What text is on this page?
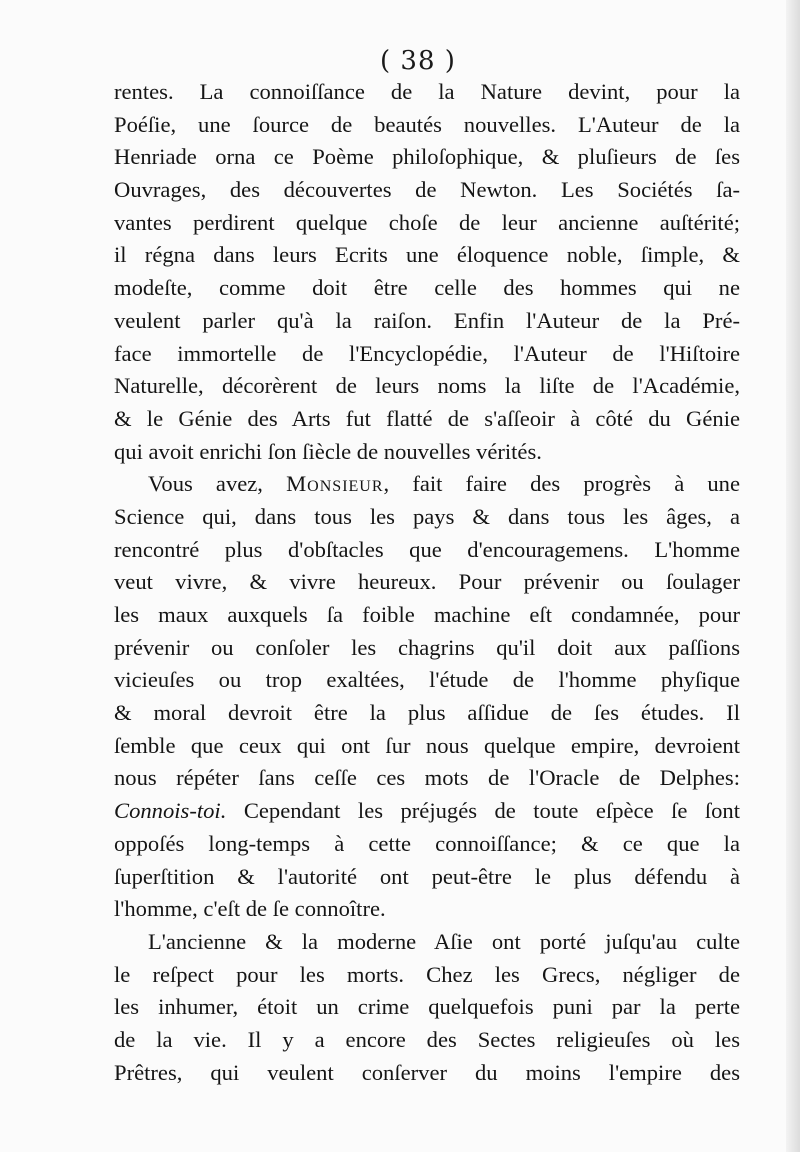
( 38 )
rentes. La connoiſſance de la Nature devint, pour la
Poéſie, une ſource de beautés nouvelles. L'Auteur de la
Henriade orna ce Poème philoſophique, & pluſieurs de ſes
Ouvrages, des découvertes de Newton. Les Sociétés ſa-
vantes perdirent quelque choſe de leur ancienne auſtérité;
il régna dans leurs Ecrits une éloquence noble, ſimple, &
modeſte, comme doit être celle des hommes qui ne
veulent parler qu'à la raiſon. Enfin l'Auteur de la Pré-
face immortelle de l'Encyclopédie, l'Auteur de l'Hiſtoire
Naturelle, décorèrent de leurs noms la liſte de l'Académie,
& le Génie des Arts fut flatté de s'aſſeoir à côté du Génie
qui avoit enrichi ſon ſiècle de nouvelles vérités.
Vous avez, Monsieur, fait faire des progrès à une
Science qui, dans tous les pays & dans tous les âges, a
rencontré plus d'obſtacles que d'encouragemens. L'homme
veut vivre, & vivre heureux. Pour prévenir ou ſoulager
les maux auxquels ſa foible machine eſt condamnée, pour
prévenir ou conſoler les chagrins qu'il doit aux paſſions
vicieuſes ou trop exaltées, l'étude de l'homme phyſique
& moral devroit être la plus aſſidue de ſes études. Il
ſemble que ceux qui ont ſur nous quelque empire, devroient
nous répéter ſans ceſſe ces mots de l'Oracle de Delphes:
Connois-toi. Cependant les préjugés de toute eſpèce ſe ſont
oppoſés long-temps à cette connoiſſance; & ce que la
ſuperſtition & l'autorité ont peut-être le plus défendu à
l'homme, c'eſt de ſe connoître.
L'ancienne & la moderne Aſie ont porté juſqu'au culte
le reſpect pour les morts. Chez les Grecs, négliger de
les inhumer, étoit un crime quelquefois puni par la perte
de la vie. Il y a encore des Sectes religieuſes où les
Prêtres, qui veulent conſerver du moins l'empire des
